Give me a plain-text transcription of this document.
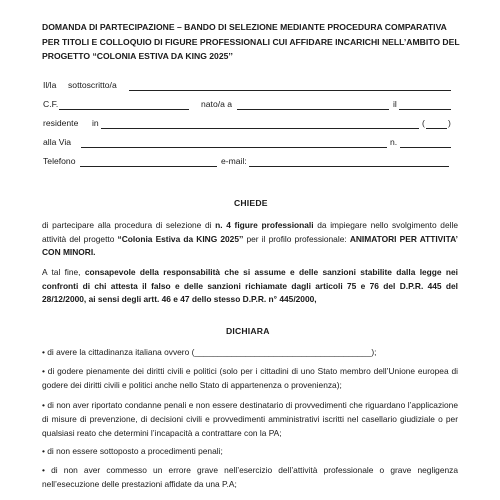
DOMANDA DI PARTECIPAZIONE – BANDO DI SELEZIONE MEDIANTE PROCEDURA COMPARATIVA PER TITOLI E COLLOQUIO DI FIGURE PROFESSIONALI CUI AFFIDARE INCARICHI NELL’AMBITO DEL PROGETTO “COLONIA ESTIVA DA KING 2025’’
Il/la sottoscritto/a
C.F.	nato/a a	il
residente in	(	)
alla Via	n.
Telefono	e-mail:
CHIEDE
di partecipare alla procedura di selezione di n. 4 figure professionali da impiegare nello svolgimento delle attività del progetto “Colonia Estiva da KING 2025’’ per il profilo professionale: ANIMATORI PER ATTIVITA’ CON MINORI.
A tal fine, consapevole della responsabilità che si assume e delle sanzioni stabilite dalla legge nei confronti di chi attesta il falso e delle sanzioni richiamate dagli articoli 75 e 76 del D.P.R. 445 del 28/12/2000, ai sensi degli artt. 46 e 47 dello stesso D.P.R. n° 445/2000,
DICHIARA
• di avere la cittadinanza italiana ovvero (______________________________________);
• di godere pienamente dei diritti civili e politici (solo per i cittadini di uno Stato membro dell’Unione europea di godere dei diritti civili e politici anche nello Stato di appartenenza o provenienza);
• di non aver riportato condanne penali e non essere destinatario di provvedimenti che riguardano l’applicazione di misure di prevenzione, di decisioni civili e provvedimenti amministrativi iscritti nel casellario giudiziale o per qualsiasi reato che determini l’incapacità a contrattare con la PA;
• di non essere sottoposto a procedimenti penali;
• di non aver commesso un errore grave nell’esercizio dell’attività professionale o grave negligenza nell’esecuzione delle prestazioni affidate da una P.A;
